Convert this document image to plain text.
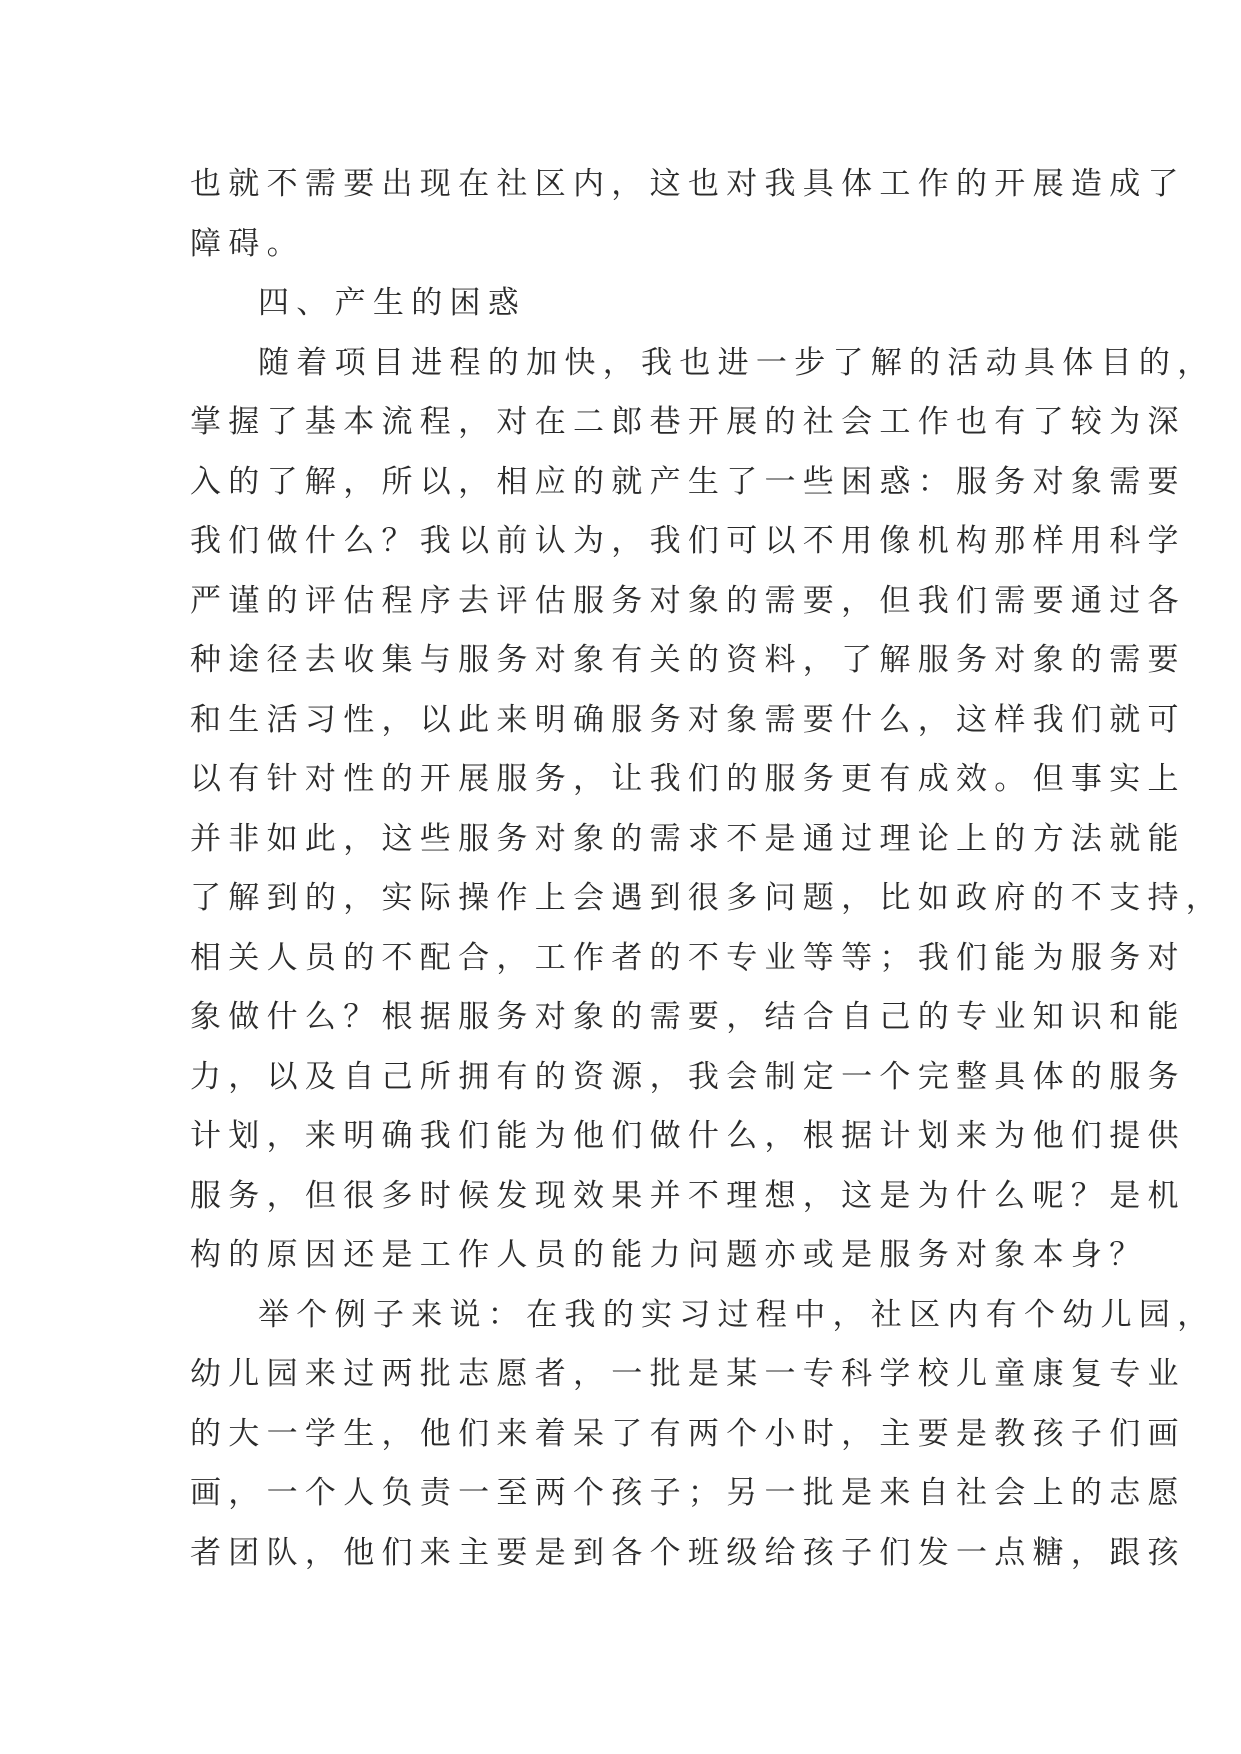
也就不需要出现在社区内，这也对我具体工作的开展造成了
障碍。
四、产生的困惑
随着项目进程的加快，我也进一步了解的活动具体目的，
掌握了基本流程，对在二郎巷开展的社会工作也有了较为深
入的了解，所以，相应的就产生了一些困惑：服务对象需要
我们做什么？我以前认为，我们可以不用像机构那样用科学
严谨的评估程序去评估服务对象的需要，但我们需要通过各
种途径去收集与服务对象有关的资料，了解服务对象的需要
和生活习性，以此来明确服务对象需要什么，这样我们就可
以有针对性的开展服务，让我们的服务更有成效。但事实上
并非如此，这些服务对象的需求不是通过理论上的方法就能
了解到的，实际操作上会遇到很多问题，比如政府的不支持，
相关人员的不配合，工作者的不专业等等；我们能为服务对
象做什么？根据服务对象的需要，结合自己的专业知识和能
力，以及自己所拥有的资源，我会制定一个完整具体的服务
计划，来明确我们能为他们做什么，根据计划来为他们提供
服务，但很多时候发现效果并不理想，这是为什么呢？是机
构的原因还是工作人员的能力问题亦或是服务对象本身？
举个例子来说：在我的实习过程中，社区内有个幼儿园，
幼儿园来过两批志愿者，一批是某一专科学校儿童康复专业
的大一学生，他们来着呆了有两个小时，主要是教孩子们画
画，一个人负责一至两个孩子；另一批是来自社会上的志愿
者团队，他们来主要是到各个班级给孩子们发一点糖，跟孩
